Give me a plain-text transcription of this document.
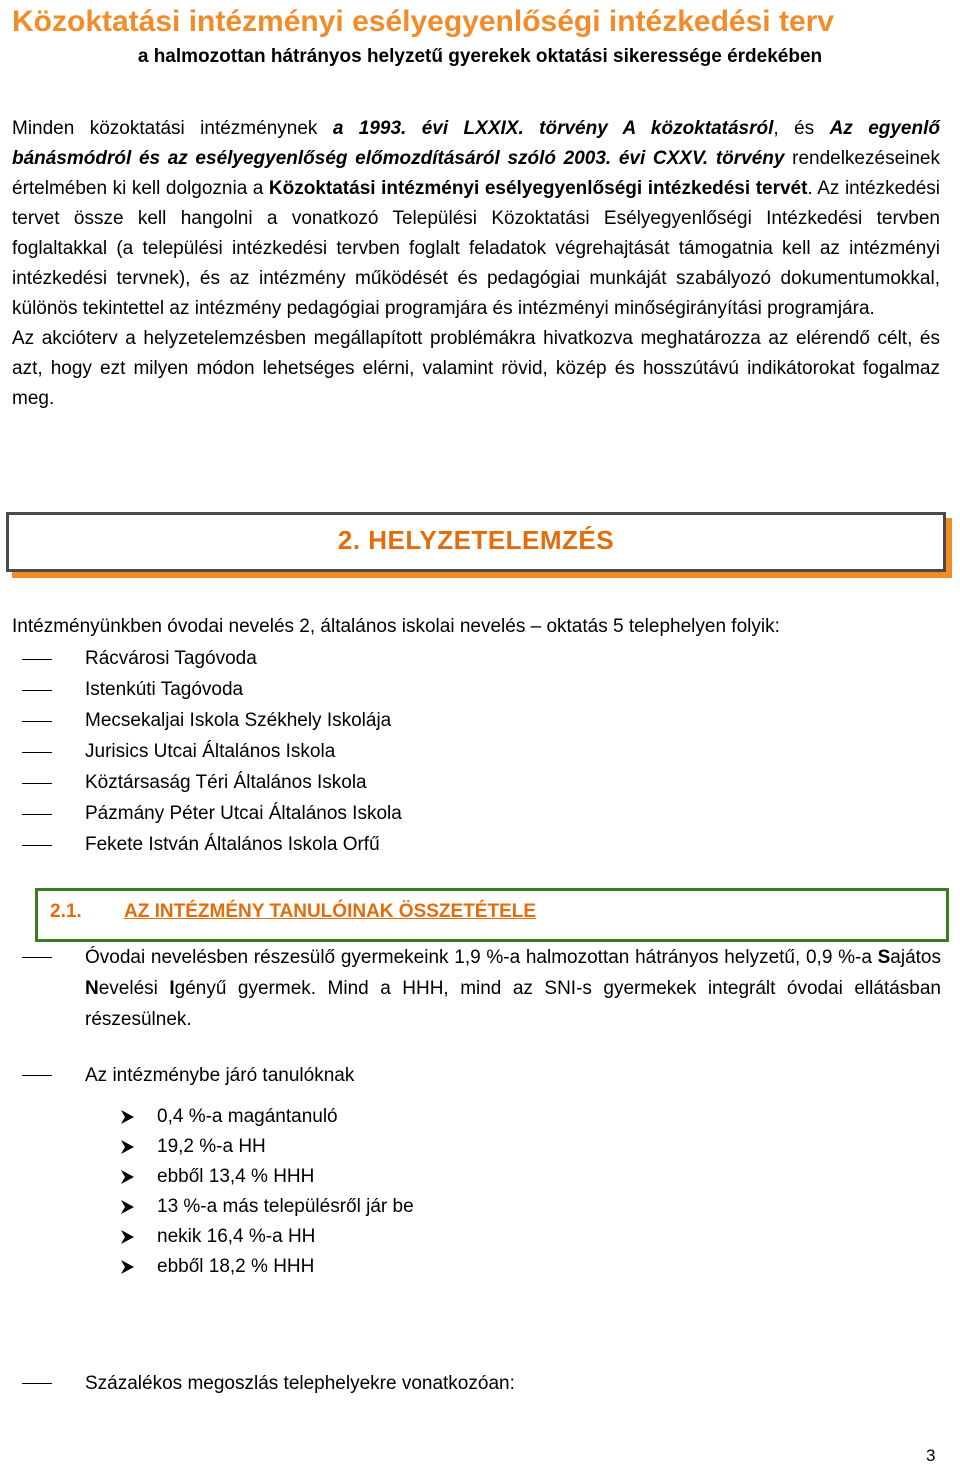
Közoktatási intézményi esélyegyenlőségi intézkedési terv
a halmozottan hátrányos helyzetű gyerekek oktatási sikeressége érdekében

Minden közoktatási intézménynek a 1993. évi LXXIX. törvény A közoktatásról, és Az egyenlő bánásmódról és az esélyegyenlőség előmozdításáról szóló 2003. évi CXXV. törvény rendelkezéseinek értelmében ki kell dolgoznia a Közoktatási intézményi esélyegyenlőségi intézkedési tervét. Az intézkedési tervet össze kell hangolni a vonatkozó Települési Közoktatási Esélyegyenlőségi Intézkedési tervben foglaltakkal (a települési intézkedési tervben foglalt feladatok végrehajtását támogatnia kell az intézményi intézkedési tervnek), és az intézmény működését és pedagógiai munkáját szabályozó dokumentumokkal, különös tekintettel az intézmény pedagógiai programjára és intézményi minőségirányítási programjára.

Az akcióterv a helyzetelemzésben megállapított problémákra hivatkozva meghatározza az elérendő célt, és azt, hogy ezt milyen módon lehetséges elérni, valamint rövid, közép és hosszútávú indikátorokat fogalmaz meg.

2. HELYZETELEMZÉS
Intézményünkben óvodai nevelés 2, általános iskolai nevelés – oktatás 5 telephelyen folyik:
Rácvárosi Tagóvoda
Istenkúti Tagóvoda
Mecsekaljai Iskola Székhely Iskolája
Jurisics Utcai Általános Iskola
Köztársaság Téri Általános Iskola
Pázmány Péter Utcai Általános Iskola
Fekete István Általános Iskola Orfű
2.1. AZ INTÉZMÉNY TANULÓINAK ÖSSZETÉTELE
Óvodai nevelésben részesülő gyermekeink 1,9 %-a halmozottan hátrányos helyzetű, 0,9 %-a Sajátos Nevelési Igényű gyermek. Mind a HHH, mind az SNI-s gyermekek integrált óvodai ellátásban részesülnek.
Az intézménybe járó tanulóknak
0,4 %-a magántanuló
19,2 %-a HH
ebből 13,4 % HHH
13 %-a más településről jár be
nekik 16,4 %-a HH
ebből 18,2 % HHH
Százalékos megoszlás telephelyekre vonatkozóan:
3
